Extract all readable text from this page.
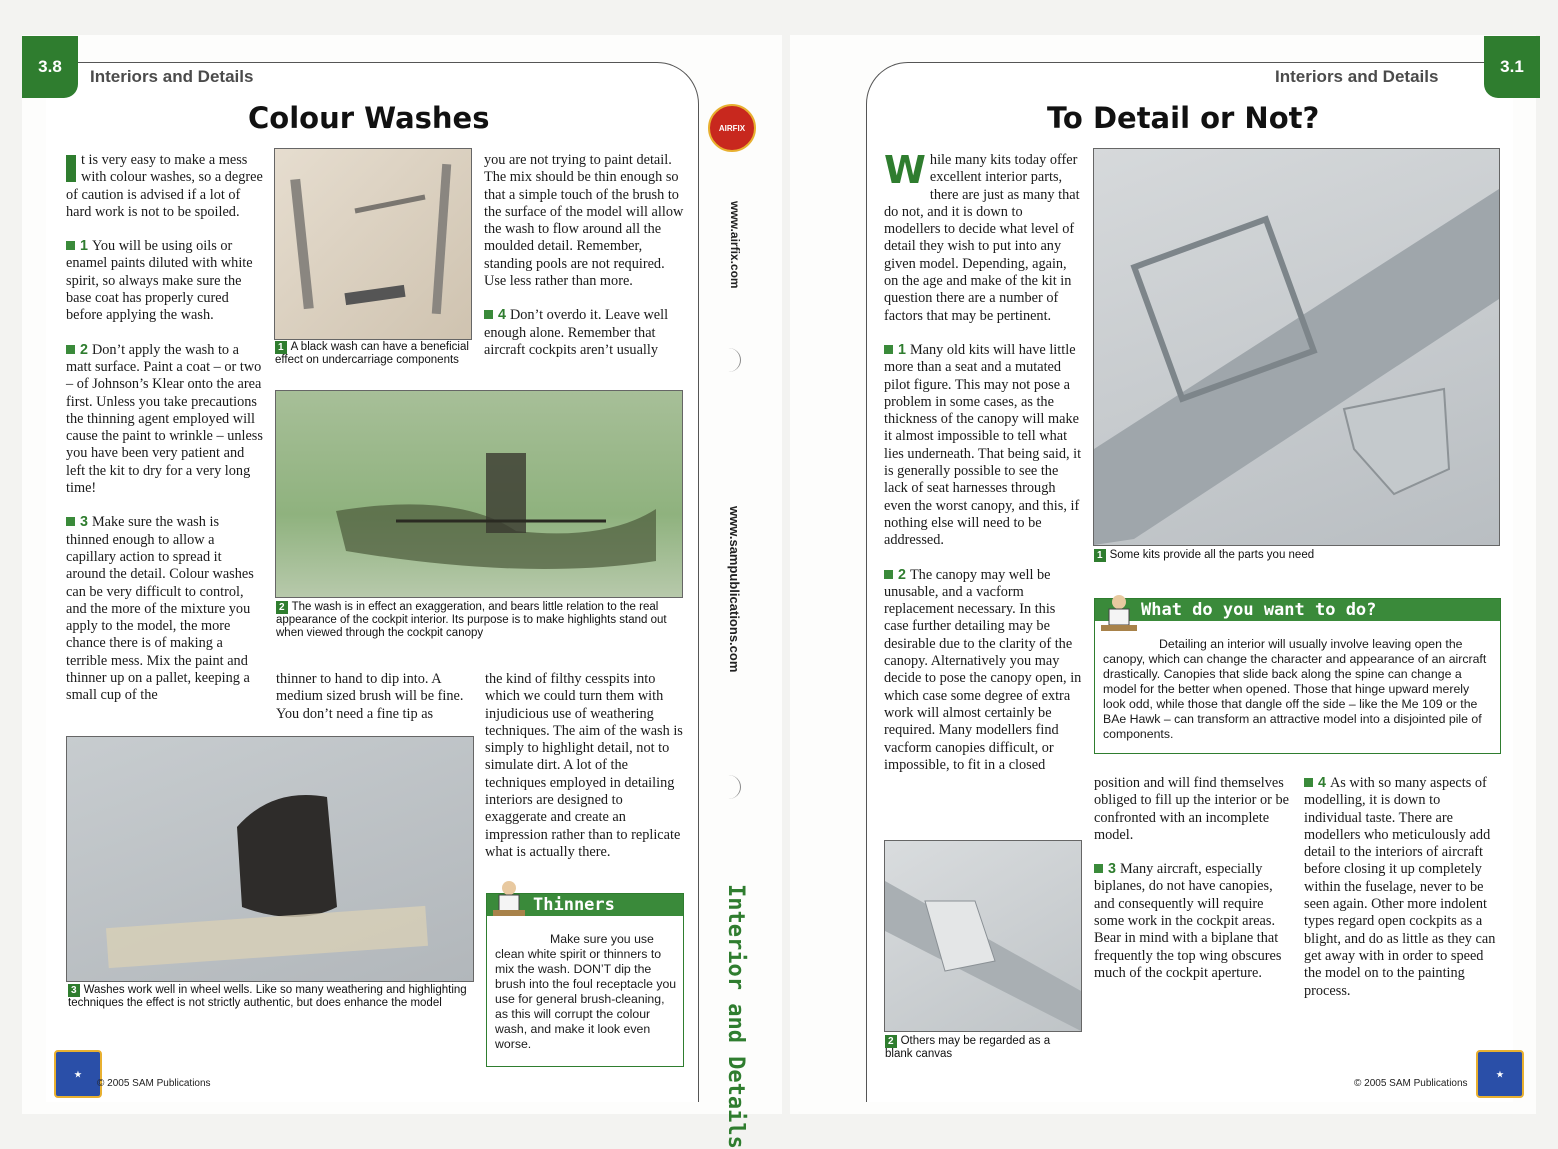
3.8
Interiors and Details
Colour Washes

t is very easy to make a mess with colour washes, so a degree of caution is advised if a lot of hard work is not to be spoiled.

1 You will be using oils or enamel paints diluted with white spirit, so always make sure the base coat has properly cured before applying the wash.

2 Don’t apply the wash to a matt surface. Paint a coat – or two – of Johnson’s Klear onto the area first. Unless you take precautions the thinning agent employed will cause the paint to wrinkle – unless you have been very patient and left the kit to dry for a very long time!

3 Make sure the wash is thinned enough to allow a capillary action to spread it around the detail. Colour washes can be very difficult to control, and the more of the mixture you apply to the model, the more chance there is of making a terrible mess. Mix the paint and thinner up on a pallet, keeping a small cup of the

1 A black wash can have a beneficial effect on undercarriage components

you are not trying to paint detail. The mix should be thin enough so that a simple touch of the brush to the surface of the model will allow the wash to flow around all the moulded detail. Remember, standing pools are not required. Use less rather than more.

4 Don’t overdo it. Leave well enough alone. Remember that aircraft cockpits aren’t usually

2 The wash is in effect an exaggeration, and bears little relation to the real appearance of the cockpit interior. Its purpose is to make highlights stand out when viewed through the cockpit canopy

thinner to hand to dip into. A medium sized brush will be fine. You don’t need a fine tip as

the kind of filthy cesspits into which we could turn them with injudicious use of weathering techniques. The aim of the wash is simply to highlight detail, not to simulate dirt. A lot of the techniques employed in detailing interiors are designed to exaggerate and create an impression rather than to replicate what is actually there.

3 Washes work well in wheel wells. Like so many weathering and highlighting techniques the effect is not strictly authentic, but does enhance the model
Thinners
Make sure you use clean white spirit or thinners to mix the wash. DON’T dip the brush into the foul receptacle you use for general brush-cleaning, as this will corrupt the colour wash, and make it look even worse.
★
© 2005 SAM Publications
AIRFIX
www.airfix.com
www.sampublications.com
Interior and Details
3.1
Interiors and Details
To Detail or Not?

While many kits today offer excellent interior parts, there are just as many that do not, and it is down to modellers to decide what level of detail they wish to put into any given model. Depending, again, on the age and make of the kit in question there are a number of factors that may be pertinent.

1 Many old kits will have little more than a seat and a mutated pilot figure. This may not pose a problem in some cases, as the thickness of the canopy will make it almost impossible to tell what lies underneath. That being said, it is generally possible to see the lack of seat harnesses through even the worst canopy, and this, if nothing else will need to be addressed.

2 The canopy may well be unusable, and a vacform replacement necessary. In this case further detailing may be desirable due to the clarity of the canopy. Alternatively you may decide to pose the canopy open, in which case some degree of extra work will almost certainly be required. Many modellers find vacform canopies difficult, or impossible, to fit in a closed

1 Some kits provide all the parts you need
What do you want to do?
Detailing an interior will usually involve leaving open the canopy, which can change the character and appearance of an aircraft drastically. Canopies that slide back along the spine can change a model for the better when opened. Those that hinge upward merely look odd, while those that dangle off the side – like the Me 109 or the BAe Hawk – can transform an attractive model into a disjointed pile of components.
2 Others may be regarded as a blank canvas

position and will find themselves obliged to fill up the interior or be confronted with an incomplete model.

3 Many aircraft, especially biplanes, do not have canopies, and consequently will require some work in the cockpit areas. Bear in mind with a biplane that frequently the top wing obscures much of the cockpit aperture.

4 As with so many aspects of modelling, it is down to individual taste. There are modellers who meticulously add detail to the interiors of aircraft before closing it up completely within the fuselage, never to be seen again. Other more indolent types regard open cockpits as a blight, and do as little as they can get away with in order to speed the model on to the painting process.

© 2005 SAM Publications
★
